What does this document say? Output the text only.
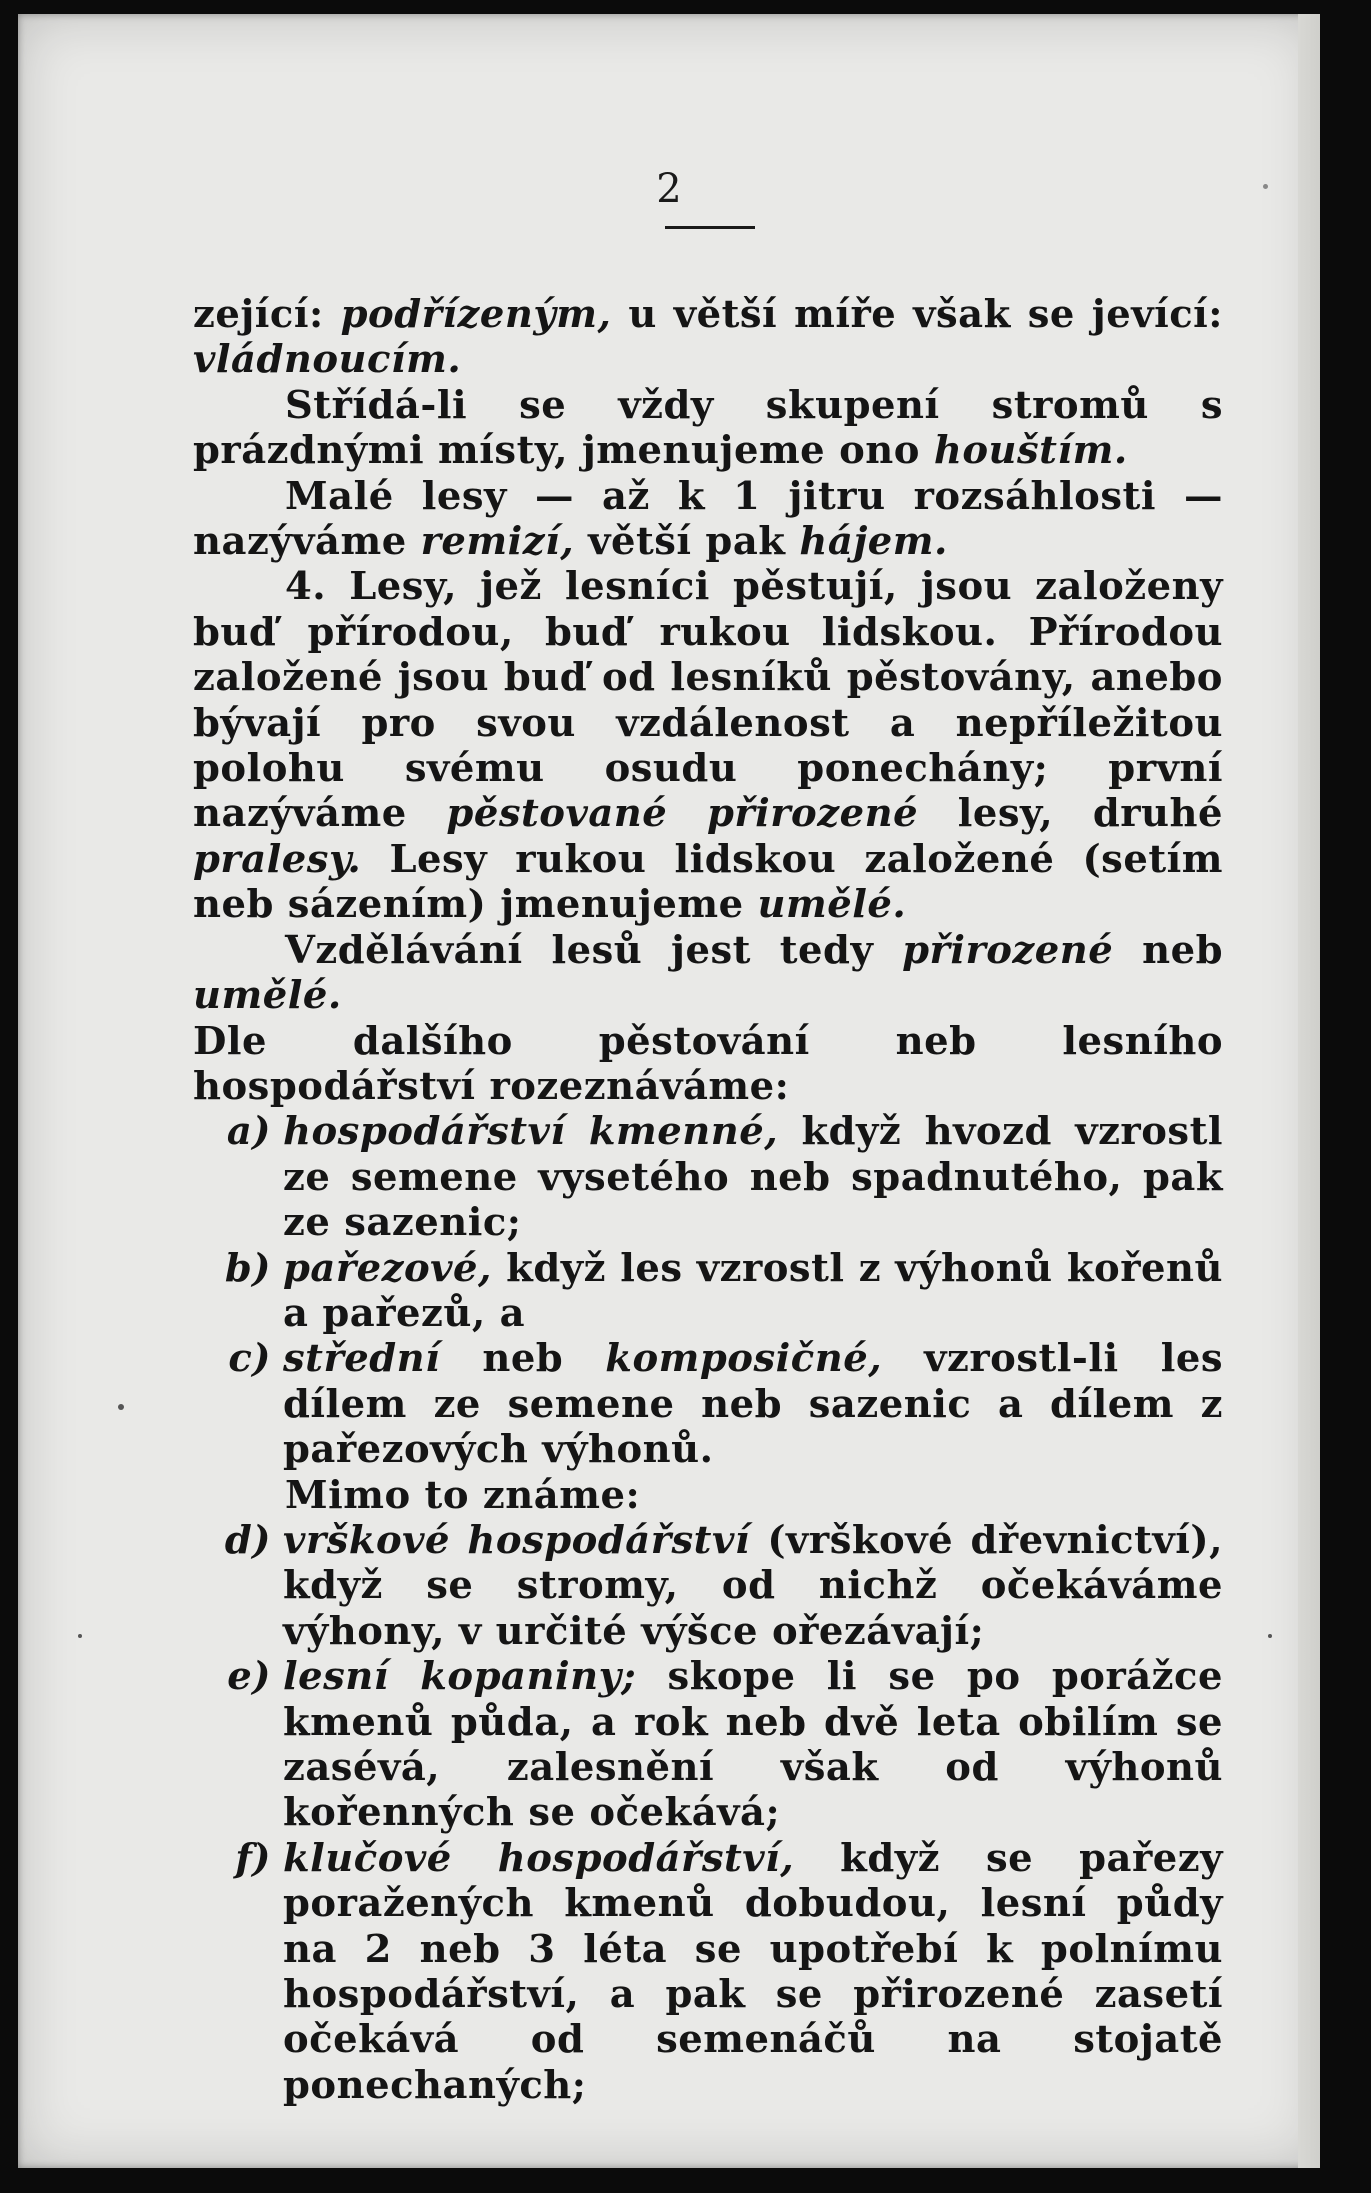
2

zející: podřízeným, u větší míře však se jevící: vládnoucím.

Střídá-li se vždy skupení stromů s prázdnými místy, jmenujeme ono houštím.

Malé lesy — až k 1 jitru rozsáhlosti — nazýváme remizí, větší pak hájem.

4. Lesy, jež lesníci pěstují, jsou založeny buď přírodou, buď rukou lidskou. Přírodou založené jsou buď od lesníků pěstovány, anebo bývají pro svou vzdálenost a nepříležitou polohu svému osudu ponechány; první nazýváme pěstované přirozené lesy, druhé pralesy. Lesy rukou lidskou založené (setím neb sázením) jmenujeme umělé.

Vzdělávání lesů jest tedy přirozené neb umělé.

Dle dalšího pěstování neb lesního hospodářství rozeznáváme:

a) hospodářství kmenné, když hvozd vzrostl ze semene vysetého neb spadnutého, pak ze sazenic;
b) pařezové, když les vzrostl z výhonů kořenů a pařezů, a
c) střední neb komposičné, vzrostl-li les dílem ze semene neb sazenic a dílem z pařezových výhonů.

Mimo to známe:

d) vrškové hospodářství (vrškové dřevnictví), když se stromy, od nichž očekáváme výhony, v určité výšce ořezávají;
e) lesní kopaniny; skope li se po porážce kmenů půda, a rok neb dvě leta obilím se zasévá, zalesnění však od výhonů kořenných se očekává;
f) klučové hospodářství, když se pařezy poražených kmenů dobudou, lesní půdy na 2 neb 3 léta se upotřebí k polnímu hospodářství, a pak se přirozené zasetí očekává od semenáčů na stojatě ponechaných;
